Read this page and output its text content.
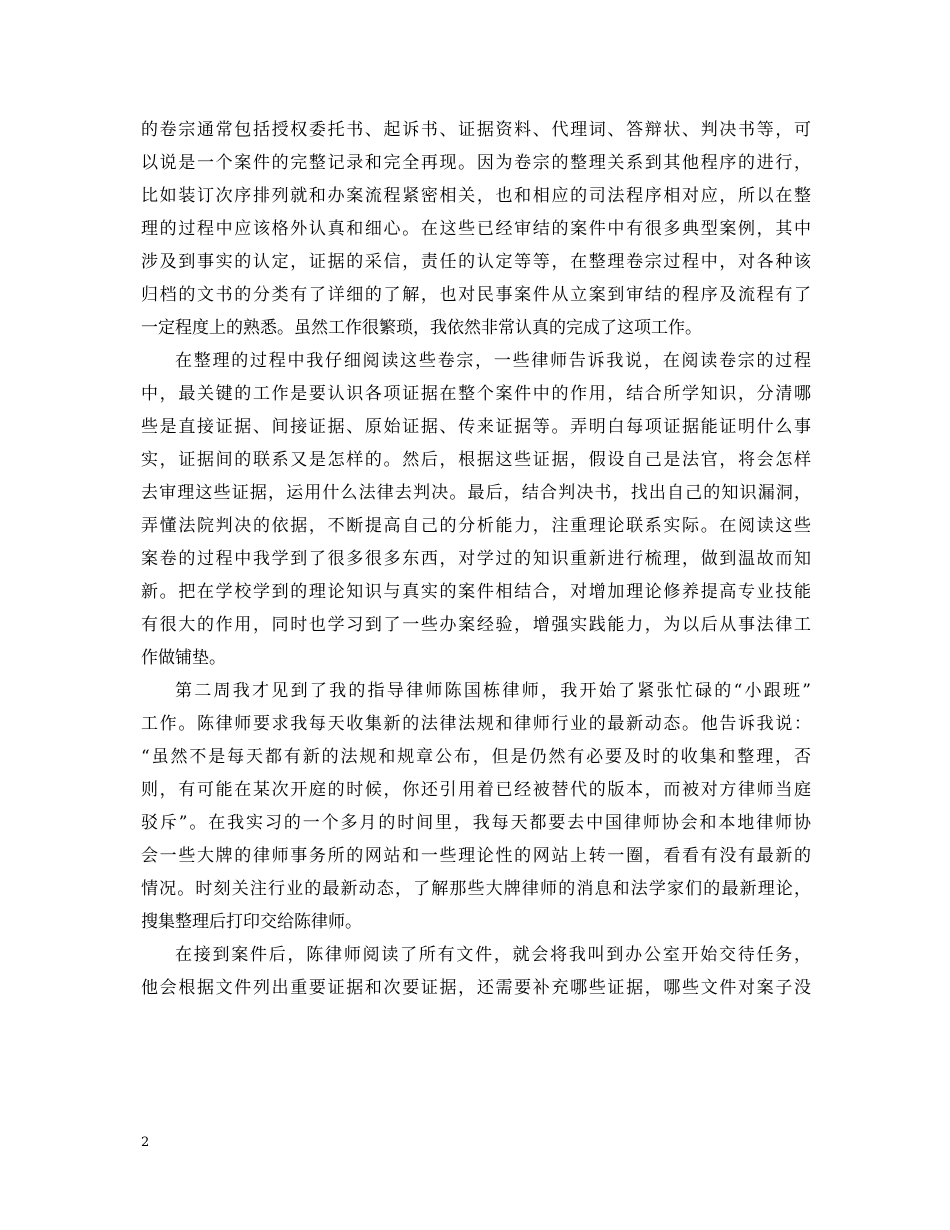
的卷宗通常包括授权委托书、起诉书、证据资料、代理词、答辩状、判决书等，可
以说是一个案件的完整记录和完全再现。因为卷宗的整理关系到其他程序的进行，
比如装订次序排列就和办案流程紧密相关，也和相应的司法程序相对应，所以在整
理的过程中应该格外认真和细心。在这些已经审结的案件中有很多典型案例，其中
涉及到事实的认定，证据的采信，责任的认定等等，在整理卷宗过程中，对各种该
归档的文书的分类有了详细的了解，也对民事案件从立案到审结的程序及流程有了
一定程度上的熟悉。虽然工作很繁琐，我依然非常认真的完成了这项工作。
在整理的过程中我仔细阅读这些卷宗，一些律师告诉我说，在阅读卷宗的过程
中，最关键的工作是要认识各项证据在整个案件中的作用，结合所学知识，分清哪
些是直接证据、间接证据、原始证据、传来证据等。弄明白每项证据能证明什么事
实，证据间的联系又是怎样的。然后，根据这些证据，假设自己是法官，将会怎样
去审理这些证据，运用什么法律去判决。最后，结合判决书，找出自己的知识漏洞，
弄懂法院判决的依据，不断提高自己的分析能力，注重理论联系实际。在阅读这些
案卷的过程中我学到了很多很多东西，对学过的知识重新进行梳理，做到温故而知
新。把在学校学到的理论知识与真实的案件相结合，对增加理论修养提高专业技能
有很大的作用，同时也学习到了一些办案经验，增强实践能力，为以后从事法律工
作做铺垫。
第二周我才见到了我的指导律师陈国栋律师，我开始了紧张忙碌的“小跟班”
工作。陈律师要求我每天收集新的法律法规和律师行业的最新动态。他告诉我说：
“虽然不是每天都有新的法规和规章公布，但是仍然有必要及时的收集和整理，否
则，有可能在某次开庭的时候，你还引用着已经被替代的版本，而被对方律师当庭
驳斥”。在我实习的一个多月的时间里，我每天都要去中国律师协会和本地律师协
会一些大牌的律师事务所的网站和一些理论性的网站上转一圈，看看有没有最新的
情况。时刻关注行业的最新动态，了解那些大牌律师的消息和法学家们的最新理论，
搜集整理后打印交给陈律师。
在接到案件后，陈律师阅读了所有文件，就会将我叫到办公室开始交待任务，
他会根据文件列出重要证据和次要证据，还需要补充哪些证据，哪些文件对案子没
2
